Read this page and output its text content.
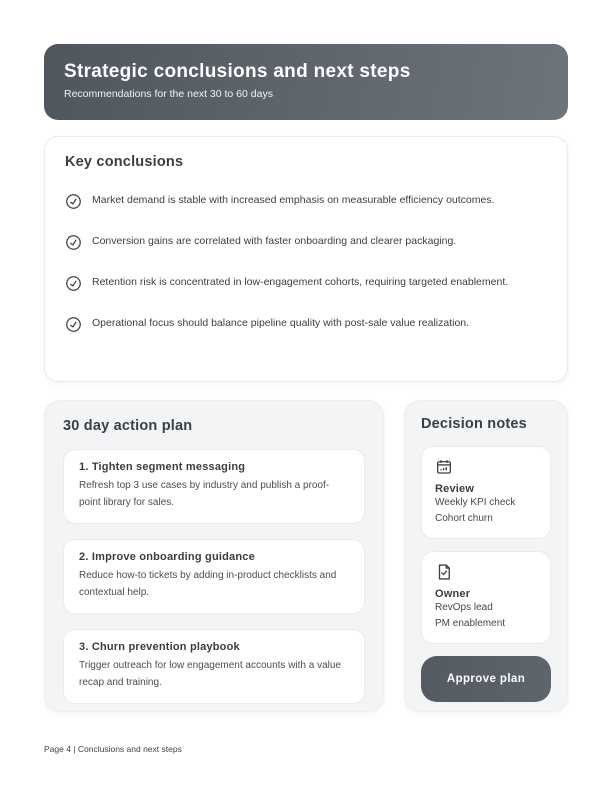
Strategic conclusions and next steps
Recommendations for the next 30 to 60 days
Key conclusions
Market demand is stable with increased emphasis on measurable efficiency outcomes.
Conversion gains are correlated with faster onboarding and clearer packaging.
Retention risk is concentrated in low-engagement cohorts, requiring targeted enablement.
Operational focus should balance pipeline quality with post-sale value realization.
30 day action plan
1. Tighten segment messaging
Refresh top 3 use cases by industry and publish a proof-point library for sales.
2. Improve onboarding guidance
Reduce how-to tickets by adding in-product checklists and contextual help.
3. Churn prevention playbook
Trigger outreach for low engagement accounts with a value recap and training.
Decision notes
Review
Weekly KPI check
Cohort churn
Owner
RevOps lead
PM enablement
Approve plan
Page 4 | Conclusions and next steps
